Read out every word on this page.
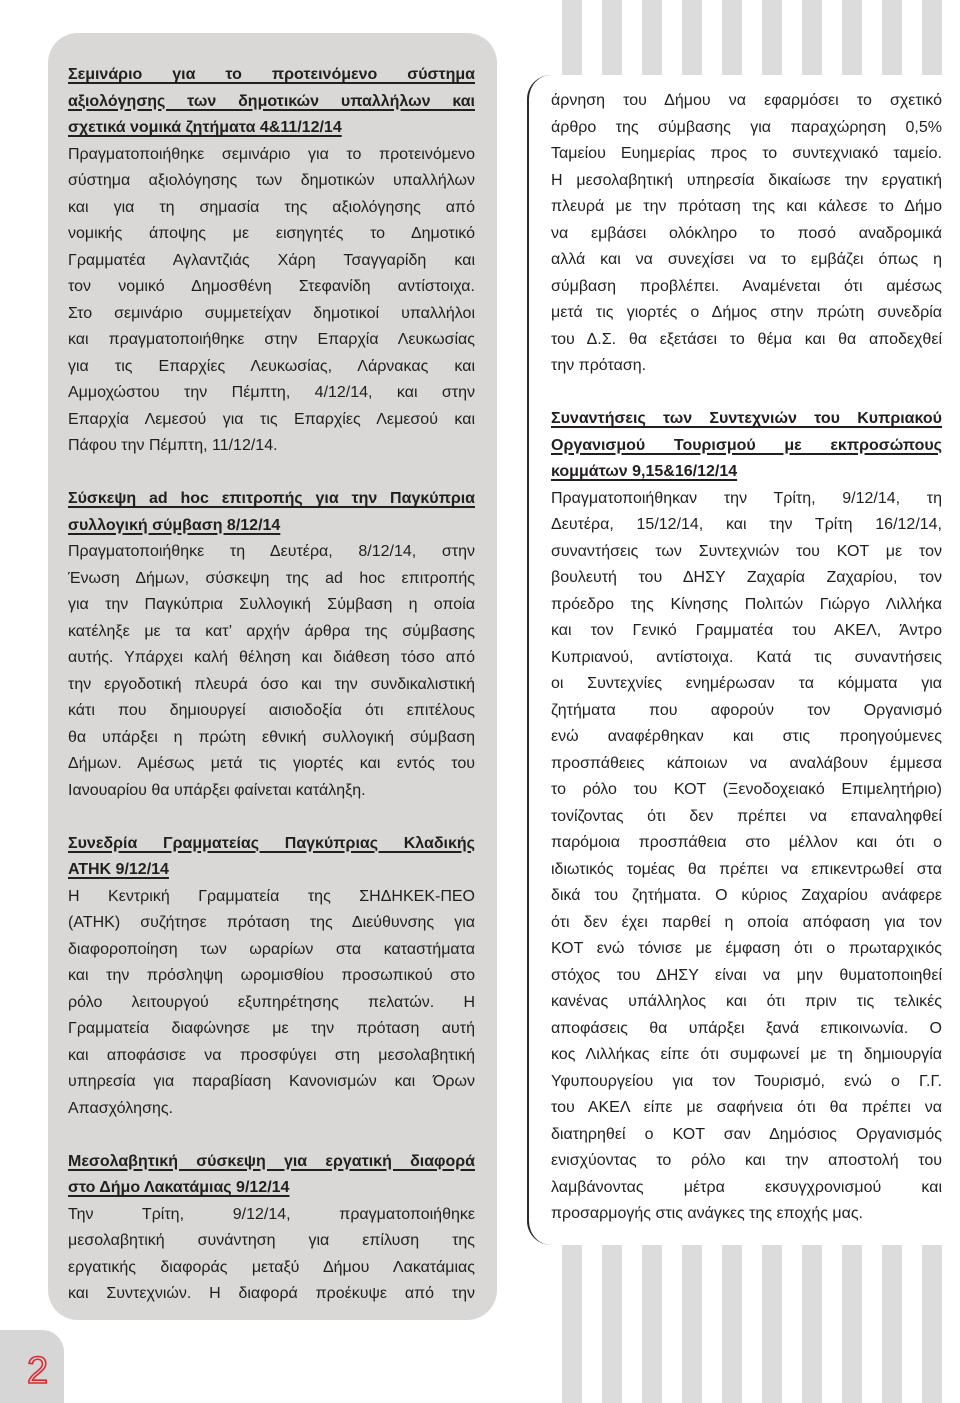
Σεμινάριο για το προτεινόμενο σύστημα
αξιολόγησης των δημοτικών υπαλλήλων και
σχετικά νομικά ζητήματα 4&11/12/14
Πραγματοποιήθηκε σεμινάριο για το προτεινόμενο
σύστημα αξιολόγησης των δημοτικών υπαλλήλων
και για τη σημασία της αξιολόγησης από
νομικής άποψης με εισηγητές το Δημοτικό
Γραμματέα Αγλαντζιάς Χάρη Τσαγγαρίδη και
τον νομικό Δημοσθένη Στεφανίδη αντίστοιχα.
Στο σεμινάριο συμμετείχαν δημοτικοί υπαλλήλοι
και πραγματοποιήθηκε στην Επαρχία Λευκωσίας
για τις Επαρχίες Λευκωσίας, Λάρνακας και
Αμμοχώστου την Πέμπτη, 4/12/14, και στην
Επαρχία Λεμεσού για τις Επαρχίες Λεμεσού και
Πάφου την Πέμπτη, 11/12/14.
Σύσκεψη ad hoc επιτροπής για την Παγκύπρια
συλλογική σύμβαση 8/12/14
Πραγματοποιήθηκε τη Δευτέρα, 8/12/14, στην
Ένωση Δήμων, σύσκεψη της ad hoc επιτροπής
για την Παγκύπρια Συλλογική Σύμβαση η οποία
κατέληξε με τα κατ’ αρχήν άρθρα της σύμβασης
αυτής. Υπάρχει καλή θέληση και διάθεση τόσο από
την εργοδοτική πλευρά όσο και την συνδικαλιστική
κάτι που δημιουργεί αισιοδοξία ότι επιτέλους
θα υπάρξει η πρώτη εθνική συλλογική σύμβαση
Δήμων. Αμέσως μετά τις γιορτές και εντός του
Ιανουαρίου θα υπάρξει φαίνεται κατάληξη.
Συνεδρία Γραμματείας Παγκύπριας Κλαδικής
ΑΤΗΚ 9/12/14
Η Κεντρική Γραμματεία της ΣΗΔΗΚΕΚ-ΠΕΟ
(ΑΤΗΚ) συζήτησε πρόταση της Διεύθυνσης για
διαφοροποίηση των ωραρίων στα καταστήματα
και την πρόσληψη ωρομισθίου προσωπικού στο
ρόλο λειτουργού εξυπηρέτησης πελατών. Η
Γραμματεία διαφώνησε με την πρόταση αυτή
και αποφάσισε να προσφύγει στη μεσολαβητική
υπηρεσία για παραβίαση Κανονισμών και Όρων
Απασχόλησης.
Μεσολαβητική σύσκεψη για εργατική διαφορά
στο Δήμο Λακατάμιας 9/12/14
Την Τρίτη, 9/12/14, πραγματοποιήθηκε
μεσολαβητική συνάντηση για επίλυση της
εργατικής διαφοράς μεταξύ Δήμου Λακατάμιας
και Συντεχνιών. Η διαφορά προέκυψε από την
άρνηση του Δήμου να εφαρμόσει το σχετικό
άρθρο της σύμβασης για παραχώρηση 0,5%
Ταμείου Ευημερίας προς το συντεχνιακό ταμείο.
Η μεσολαβητική υπηρεσία δικαίωσε την εργατική
πλευρά με την πρόταση της και κάλεσε το Δήμο
να εμβάσει ολόκληρο το ποσό αναδρομικά
αλλά και να συνεχίσει να το εμβάζει όπως η
σύμβαση προβλέπει. Αναμένεται ότι αμέσως
μετά τις γιορτές ο Δήμος στην πρώτη συνεδρία
του Δ.Σ. θα εξετάσει το θέμα και θα αποδεχθεί
την πρόταση.
Συναντήσεις των Συντεχνιών του Κυπριακού
Οργανισμού Τουρισμού με εκπροσώπους
κομμάτων 9,15&16/12/14
Πραγματοποιήθηκαν την Τρίτη, 9/12/14, τη
Δευτέρα, 15/12/14, και την Τρίτη 16/12/14,
συναντήσεις των Συντεχνιών του ΚΟΤ με τον
βουλευτή του ΔΗΣΥ Ζαχαρία Ζαχαρίου, τον
πρόεδρο της Κίνησης Πολιτών Γιώργο Λιλλήκα
και τον Γενικό Γραμματέα του ΑΚΕΛ, Άντρο
Κυπριανού, αντίστοιχα. Κατά τις συναντήσεις
οι Συντεχνίες ενημέρωσαν τα κόμματα για
ζητήματα που αφορούν τον Οργανισμό
ενώ αναφέρθηκαν και στις προηγούμενες
προσπάθειες κάποιων να αναλάβουν έμμεσα
το ρόλο του ΚΟΤ (Ξενοδοχειακό Επιμελητήριο)
τονίζοντας ότι δεν πρέπει να επαναληφθεί
παρόμοια προσπάθεια στο μέλλον και ότι ο
ιδιωτικός τομέας θα πρέπει να επικεντρωθεί στα
δικά του ζητήματα. Ο κύριος Ζαχαρίου ανάφερε
ότι δεν έχει παρθεί η οποία απόφαση για τον
ΚΟΤ ενώ τόνισε με έμφαση ότι ο πρωταρχικός
στόχος του ΔΗΣΥ είναι να μην θυματοποιηθεί
κανένας υπάλληλος και ότι πριν τις τελικές
αποφάσεις θα υπάρξει ξανά επικοινωνία. Ο
κος Λιλλήκας είπε ότι συμφωνεί με τη δημιουργία
Υφυπουργείου για τον Τουρισμό, ενώ ο Γ.Γ.
του ΑΚΕΛ είπε με σαφήνεια ότι θα πρέπει να
διατηρηθεί ο ΚΟΤ σαν Δημόσιος Οργανισμός
ενισχύοντας το ρόλο και την αποστολή του
λαμβάνοντας μέτρα εκσυγχρονισμού και
προσαρμογής στις ανάγκες της εποχής μας.
2
